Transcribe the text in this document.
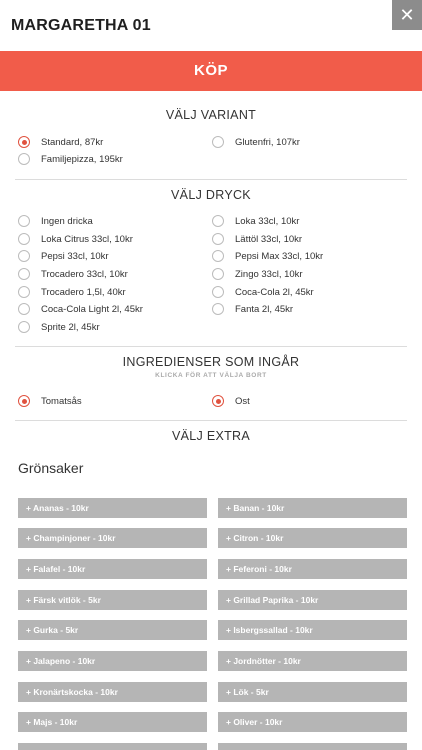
MARGARETHA 01
✕
KÖP
VÄLJ VARIANT
Standard, 87kr	Glutenfri, 107kr
Familjepizza, 195kr
VÄLJ DRYCK
Ingen dricka	Loka 33cl, 10kr
Loka Citrus 33cl, 10kr	Lättöl 33cl, 10kr
Pepsi 33cl, 10kr	Pepsi Max 33cl, 10kr
Trocadero 33cl, 10kr	Zingo 33cl, 10kr
Trocadero 1,5l, 40kr	Coca-Cola 2l, 45kr
Coca-Cola Light 2l, 45kr	Fanta 2l, 45kr
Sprite 2l, 45kr
INGREDIENSER SOM INGÅR
KLICKA FÖR ATT VÄLJA BORT
Tomatsås	Ost
VÄLJ EXTRA
Grönsaker
+ Ananas - 10kr	+ Banan - 10kr
+ Champinjoner - 10kr	+ Citron - 10kr
+ Falafel - 10kr	+ Feferoni - 10kr
+ Färsk vitlök - 5kr	+ Grillad Paprika - 10kr
+ Gurka - 5kr	+ Isbergssallad - 10kr
+ Jalapeno - 10kr	+ Jordnötter - 10kr
+ Kronärtskocka - 10kr	+ Lök - 5kr
+ Majs - 10kr	+ Oliver - 10kr
